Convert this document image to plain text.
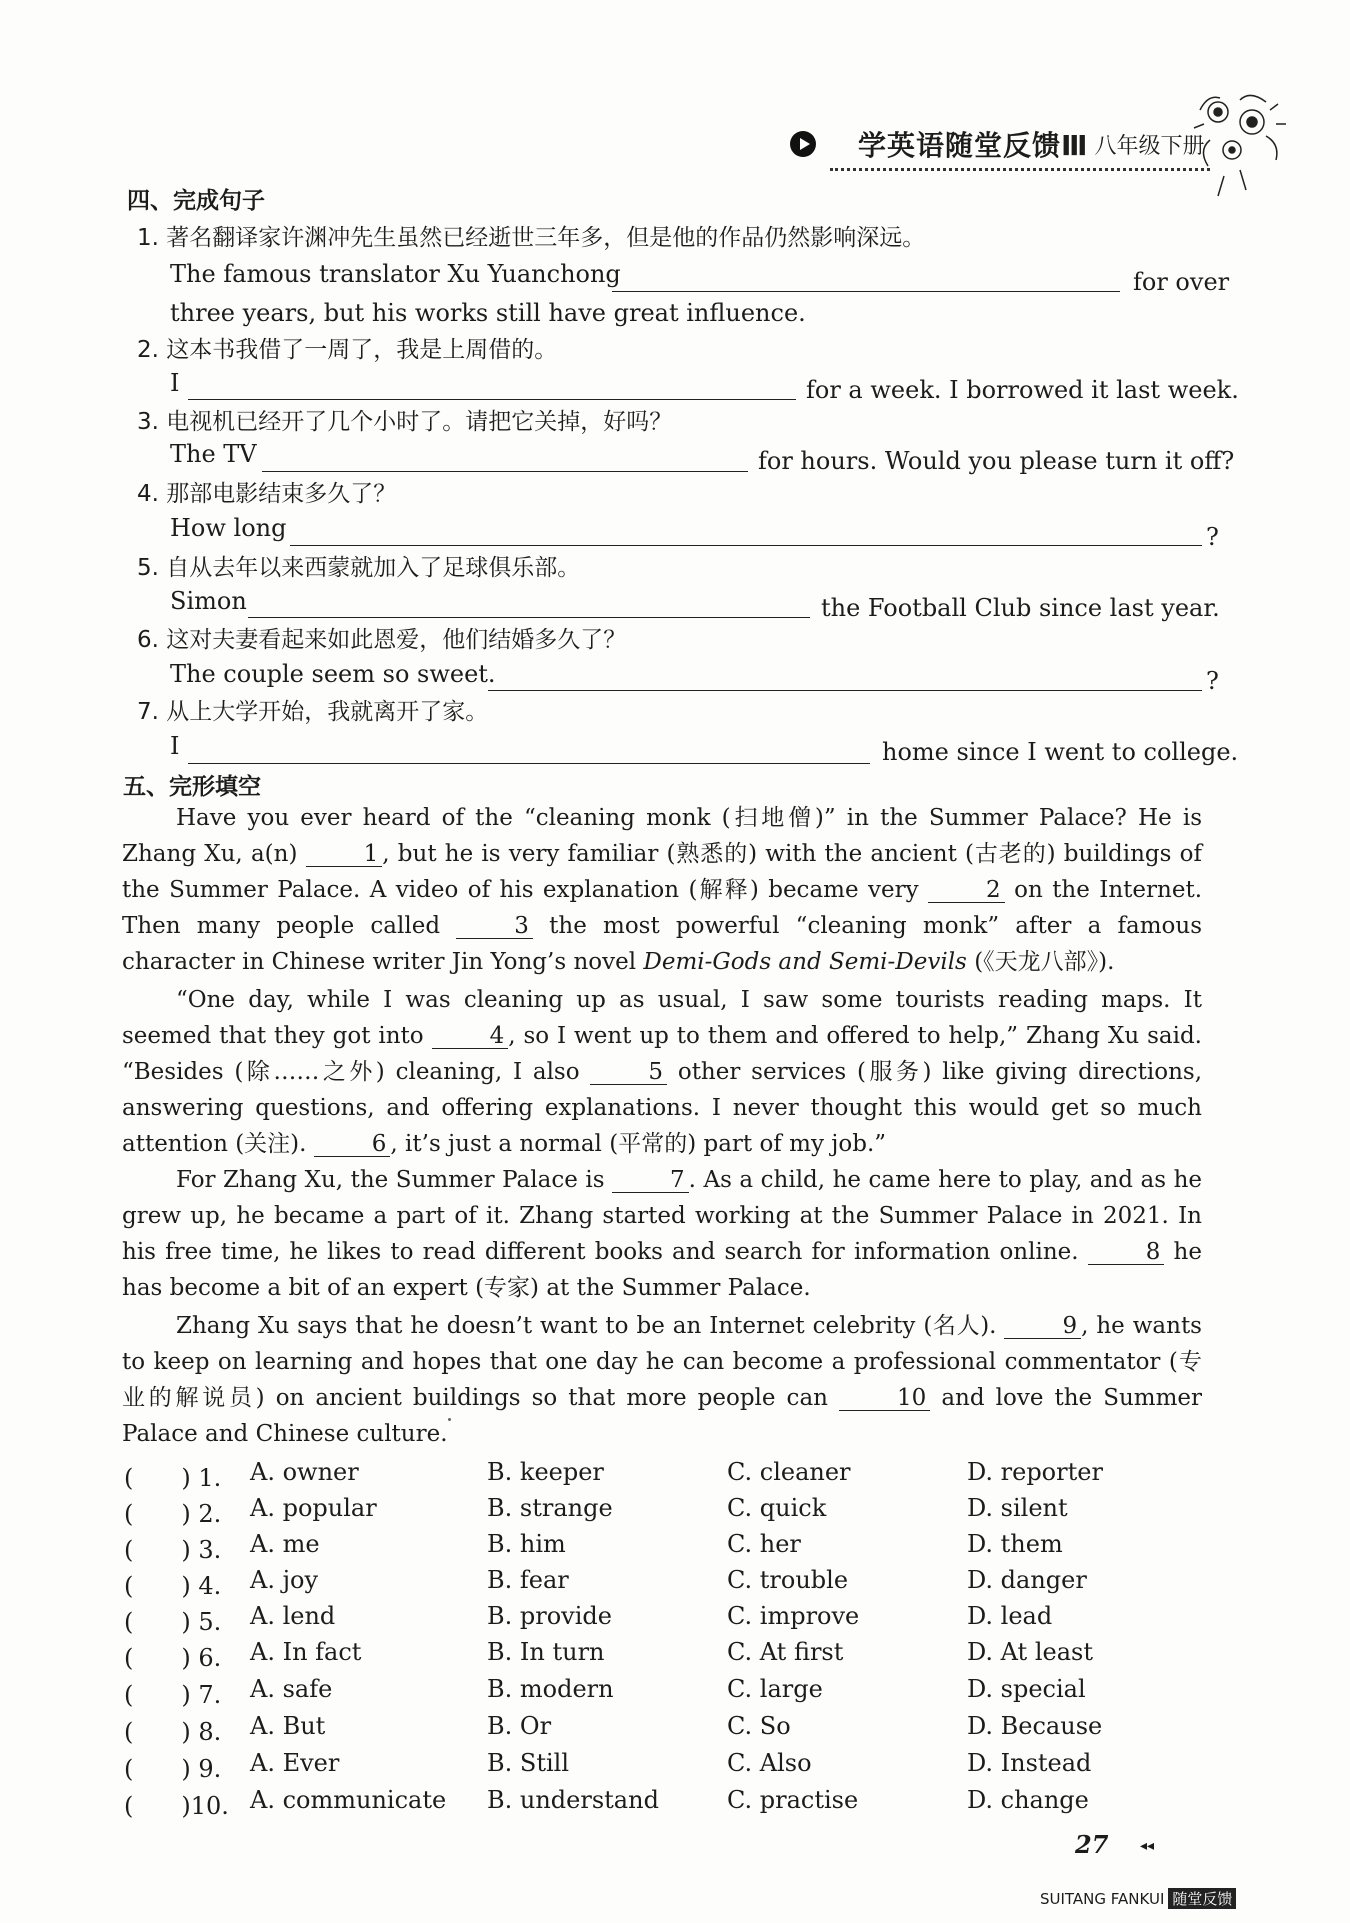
学英语随堂反馈Ⅲ 八年级下册
四、完成句子
1. 著名翻译家许渊冲先生虽然已经逝世三年多，但是他的作品仍然影响深远。
The famous translator Xu Yuanchong	for over
three years, but his works still have great influence.
2. 这本书我借了一周了，我是上周借的。
I	for a week. I borrowed it last week.
3. 电视机已经开了几个小时了。请把它关掉，好吗？
The TV	for hours. Would you please turn it off?
4. 那部电影结束多久了？
How long	?
5. 自从去年以来西蒙就加入了足球俱乐部。
Simon	the Football Club since last year.
6. 这对夫妻看起来如此恩爱，他们结婚多久了？
The couple seem so sweet.	?
7. 从上大学开始，我就离开了家。
I	home since I went to college.
五、完形填空
Have you ever heard of the “cleaning monk (扫地僧)” in the Summer Palace? He is Zhang Xu, a(n)	1 , but he is very familiar (熟悉的) with the ancient (古老的) buildings of the Summer Palace. A video of his explanation (解释) became very	2 on the Internet. Then many people called	3 the most powerful “cleaning monk” after a famous character in Chinese writer Jin Yong’s novel Demi-Gods and Semi-Devils (《天龙八部》).
“One day, while I was cleaning up as usual, I saw some tourists reading maps. It seemed that they got into	4 , so I went up to them and offered to help,” Zhang Xu said. “Besides (除……之外) cleaning, I also	5 other services (服务) like giving directions, answering questions, and offering explanations. I never thought this would get so much attention (关注).	6 , it’s just a normal (平常的) part of my job.”
For Zhang Xu, the Summer Palace is	7 . As a child, he came here to play, and as he grew up, he became a part of it. Zhang started working at the Summer Palace in 2021. In his free time, he likes to read different books and search for information online.	8 he has become a bit of an expert (专家) at the Summer Palace.
Zhang Xu says that he doesn’t want to be an Internet celebrity (名人).	9 , he wants to keep on learning and hopes that one day he can become a professional commentator (专业的解说员) on ancient buildings so that more people can	10 and love the Summer Palace and Chinese culture.
(　　) 1. A. owner	B. keeper	C. cleaner	D. reporter
(　　) 2. A. popular	B. strange	C. quick	D. silent
(　　) 3. A. me	B. him	C. her	D. them
(　　) 4. A. joy	B. fear	C. trouble	D. danger
(　　) 5. A. lend	B. provide	C. improve	D. lead
(　　) 6. A. In fact	B. In turn	C. At first	D. At least
(　　) 7. A. safe	B. modern	C. large	D. special
(　　) 8. A. But	B. Or	C. So	D. Because
(　　) 9. A. Ever	B. Still	C. Also	D. Instead
(　　)10. A. communicate B. understand	C. practise	D. change
27 ◂◂
SUITANG FANKUI 随堂反馈
